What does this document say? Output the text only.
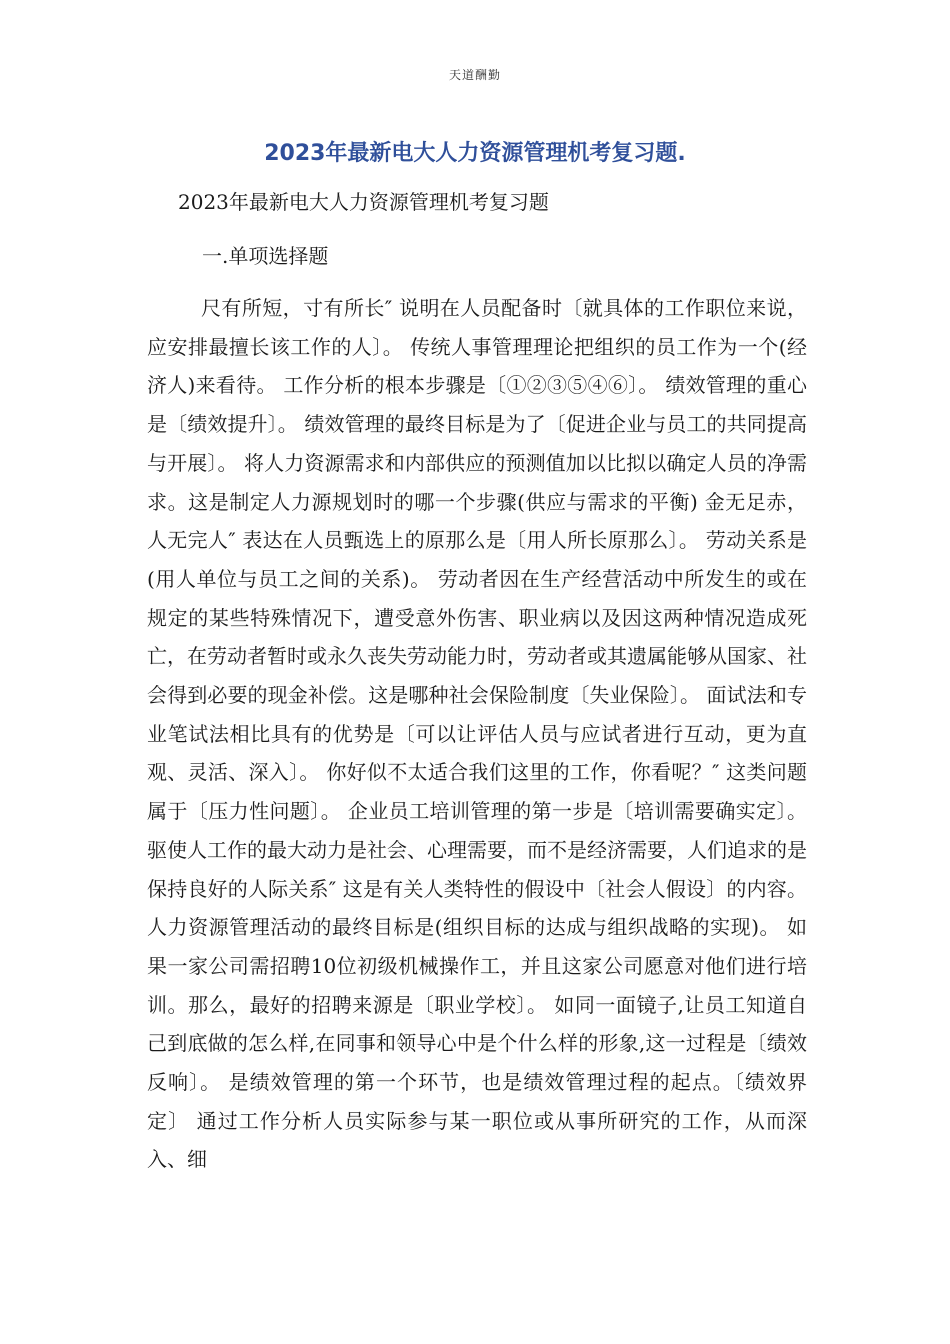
天道酬勤
2023年最新电大人力资源管理机考复习题.
2023年最新电大人力资源管理机考复习题
一.单项选择题

尺有所短，寸有所长″ 说明在人员配备时〔就具体的工作职位来说，应安排最擅长该工作的人〕。 传统人事管理理论把组织的员工作为一个(经济人)来看待。 工作分析的根本步骤是〔①②③⑤④⑥〕。 绩效管理的重心是〔绩效提升〕。 绩效管理的最终目标是为了〔促进企业与员工的共同提高与开展〕。 将人力资源需求和内部供应的预测值加以比拟以确定人员的净需求。这是制定人力源规划时的哪一个步骤(供应与需求的平衡) 金无足赤，人无完人″ 表达在人员甄选上的原那么是〔用人所长原那么〕。 劳动关系是(用人单位与员工之间的关系)。 劳动者因在生产经营活动中所发生的或在规定的某些特殊情况下，遭受意外伤害、职业病以及因这两种情况造成死亡，在劳动者暂时或永久丧失劳动能力时，劳动者或其遗属能够从国家、社会得到必要的现金补偿。这是哪种社会保险制度〔失业保险〕。 面试法和专业笔试法相比具有的优势是〔可以让评估人员与应试者进行互动，更为直观、灵活、深入〕。 你好似不太适合我们这里的工作，你看呢？″ 这类问题属于〔压力性问题〕。 企业员工培训管理的第一步是〔培训需要确实定〕。 驱使人工作的最大动力是社会、心理需要，而不是经济需要，人们追求的是保持良好的人际关系″ 这是有关人类特性的假设中〔社会人假设〕的内容。 人力资源管理活动的最终目标是(组织目标的达成与组织战略的实现)。 如果一家公司需招聘10位初级机械操作工，并且这家公司愿意对他们进行培训。那么，最好的招聘来源是〔职业学校〕。 如同一面镜子,让员工知道自己到底做的怎么样,在同事和领导心中是个什么样的形象,这一过程是〔绩效反响〕。 是绩效管理的第一个环节，也是绩效管理过程的起点。〔绩效界定〕 通过工作分析人员实际参与某一职位或从事所研究的工作，从而深入、细
